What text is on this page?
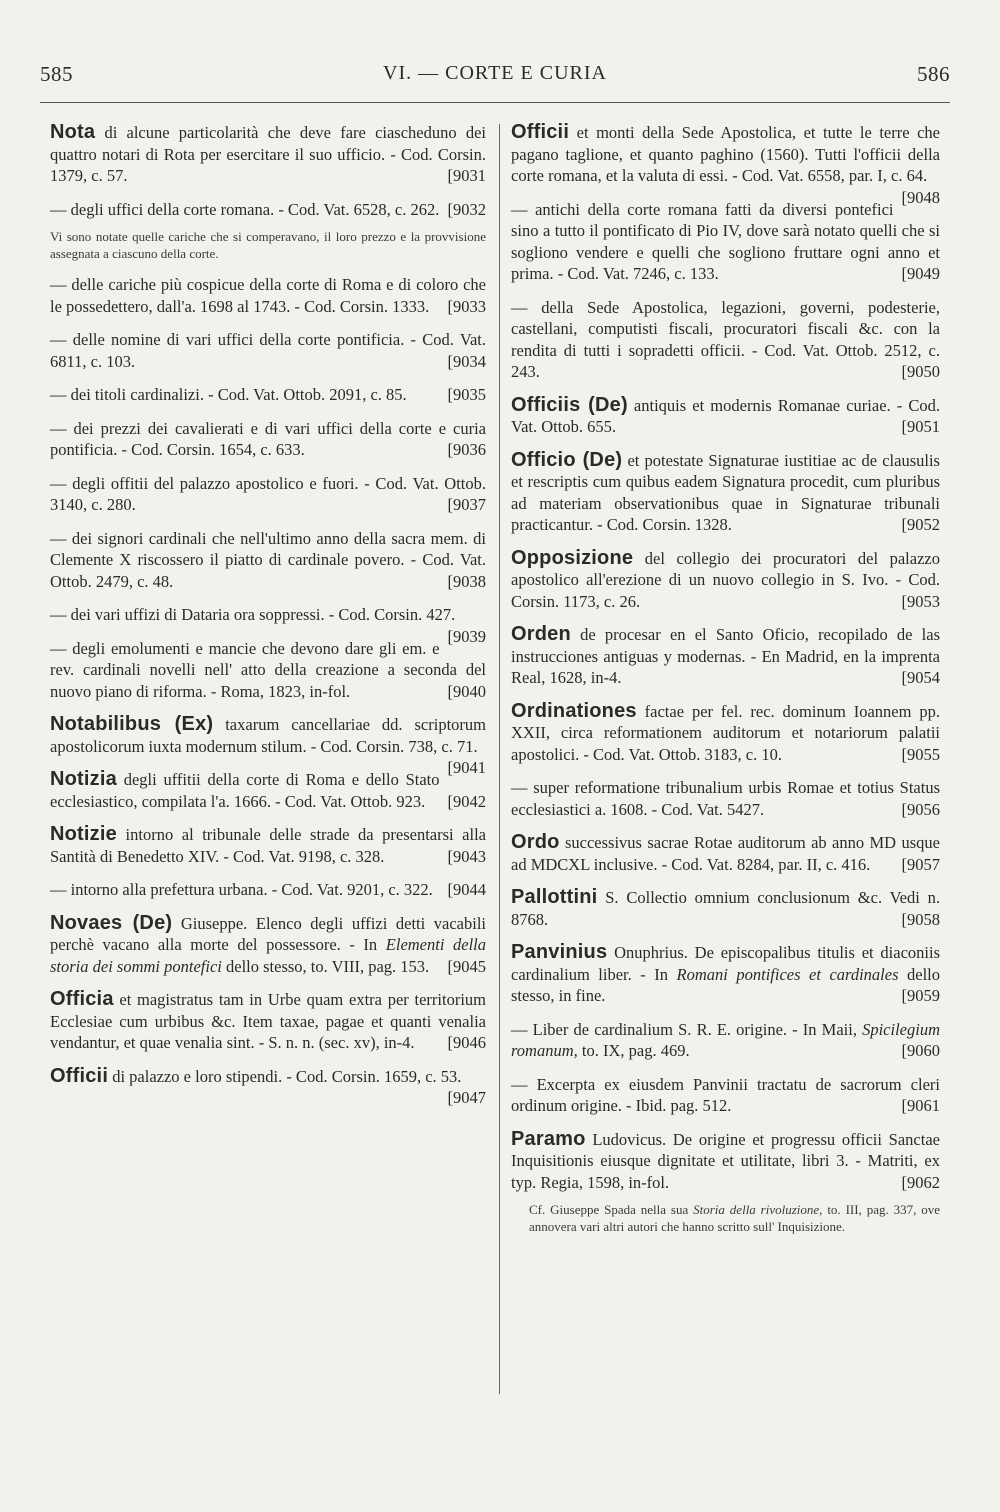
585	VI. — CORTE E CURIA	586
Nota di alcune particolarità che deve fare ciascheduno dei quattro notari di Rota per esercitare il suo ufficio. - Cod. Corsin. 1379, c. 57.	[9031
— degli uffici della corte romana. - Cod. Vat. 6528, c. 262. [9032
Vi sono notate quelle cariche che si comperavano, il loro prezzo e la provvisione assegnata a ciascuno della corte.
— delle cariche più cospicue della corte di Roma e di coloro che le possedettero, dall'a. 1698 al 1743. - Cod. Corsin. 1333. [9033
— delle nomine di vari uffici della corte pontificia. - Cod. Vat. 6811, c. 103.	[9034
— dei titoli cardinalizi. - Cod. Vat. Ottob. 2091, c. 85. [9035
— dei prezzi dei cavalierati e di vari uffici della corte e curia pontificia. - Cod. Corsin. 1654, c. 633.	[9036
— degli offitii del palazzo apostolico e fuori. - Cod. Vat. Ottob. 3140, c. 280.	[9037
— dei signori cardinali che nell'ultimo anno della sacra mem. di Clemente X riscossero il piatto di cardinale povero. - Cod. Vat. Ottob. 2479, c. 48.	[9038
— dei vari uffizi di Dataria ora soppressi. - Cod. Corsin. 427.
[9039
— degli emolumenti e mancie che devono dare gli em. e rev. cardinali novelli nell' atto della creazione a seconda del nuovo piano di riforma. - Roma, 1823, in-fol.	[9040
Notabilibus (Ex) taxarum cancellariae dd. scriptorum apostolicorum iuxta modernum stilum. - Cod. Corsin. 738, c. 71.
[9041
Notizia degli uffitii della corte di Roma e dello Stato ecclesiastico, compilata l'a. 1666. - Cod. Vat. Ottob. 923. [9042
Notizie intorno al tribunale delle strade da presentarsi alla Santità di Benedetto XIV. - Cod. Vat. 9198, c. 328.	[9043
— intorno alla prefettura urbana. - Cod. Vat. 9201, c. 322. [9044
Novaes (De) Giuseppe. Elenco degli uffizi detti vacabili perchè vacano alla morte del possessore. - In Elementi della storia dei sommi pontefici dello stesso, to. VIII, pag. 153. [9045
Officia et magistratus tam in Urbe quam extra per territorium Ecclesiae cum urbibus &c. Item taxae, pagae et quanti venalia vendantur, et quae venalia sint. - S. n. n. (sec. xv), in-4. [9046
Officii di palazzo e loro stipendi. - Cod. Corsin. 1659, c. 53.
[9047
Officii et monti della Sede Apostolica, et tutte le terre che pagano taglione, et quanto paghino (1560). Tutti l'officii della corte romana, et la valuta di essi. - Cod. Vat. 6558, par. I, c. 64.
[9048
— antichi della corte romana fatti da diversi pontefici sino a tutto il pontificato di Pio IV, dove sarà notato quelli che si sogliono vendere e quelli che sogliono fruttare ogni anno et prima. - Cod. Vat. 7246, c. 133.	[9049
— della Sede Apostolica, legazioni, governi, podesterie, castellani, computisti fiscali, procuratori fiscali &c. con la rendita di tutti i sopradetti officii. - Cod. Vat. Ottob. 2512, c. 243.	[9050
Officiis (De) antiquis et modernis Romanae curiae. - Cod. Vat. Ottob. 655.	[9051
Officio (De) et potestate Signaturae iustitiae ac de clausulis et rescriptis cum quibus eadem Signatura procedit, cum pluribus ad materiam observationibus quae in Signaturae tribunali practicantur. - Cod. Corsin. 1328.	[9052
Opposizione del collegio dei procuratori del palazzo apostolico all'erezione di un nuovo collegio in S. Ivo. - Cod. Corsin. 1173, c. 26.	[9053
Orden de procesar en el Santo Oficio, recopilado de las instrucciones antiguas y modernas. - En Madrid, en la imprenta Real, 1628, in-4.	[9054
Ordinationes factae per fel. rec. dominum Ioannem pp. XXII, circa reformationem auditorum et notariorum palatii apostolici. - Cod. Vat. Ottob. 3183, c. 10.	[9055
— super reformatione tribunalium urbis Romae et totius Status ecclesiastici a. 1608. - Cod. Vat. 5427.	[9056
Ordo successivus sacrae Rotae auditorum ab anno MD usque ad MDCXL inclusive. - Cod. Vat. 8284, par. II, c. 416. [9057
Pallottini S. Collectio omnium conclusionum &c. Vedi n. 8768.	[9058
Panvinius Onuphrius. De episcopalibus titulis et diaconiis cardinalium liber. - In Romani pontifices et cardinales dello stesso, in fine.	[9059
— Liber de cardinalium S. R. E. origine. - In Maii, Spicilegium romanum, to. IX, pag. 469.	[9060
— Excerpta ex eiusdem Panvinii tractatu de sacrorum cleri ordinum origine. - Ibid. pag. 512.	[9061
Paramo Ludovicus. De origine et progressu officii Sanctae Inquisitionis eiusque dignitate et utilitate, libri 3. - Matriti, ex typ. Regia, 1598, in-fol.	[9062
Cf. Giuseppe Spada nella sua Storia della rivoluzione, to. III, pag. 337, ove annovera vari altri autori che hanno scritto sull' Inquisizione.
